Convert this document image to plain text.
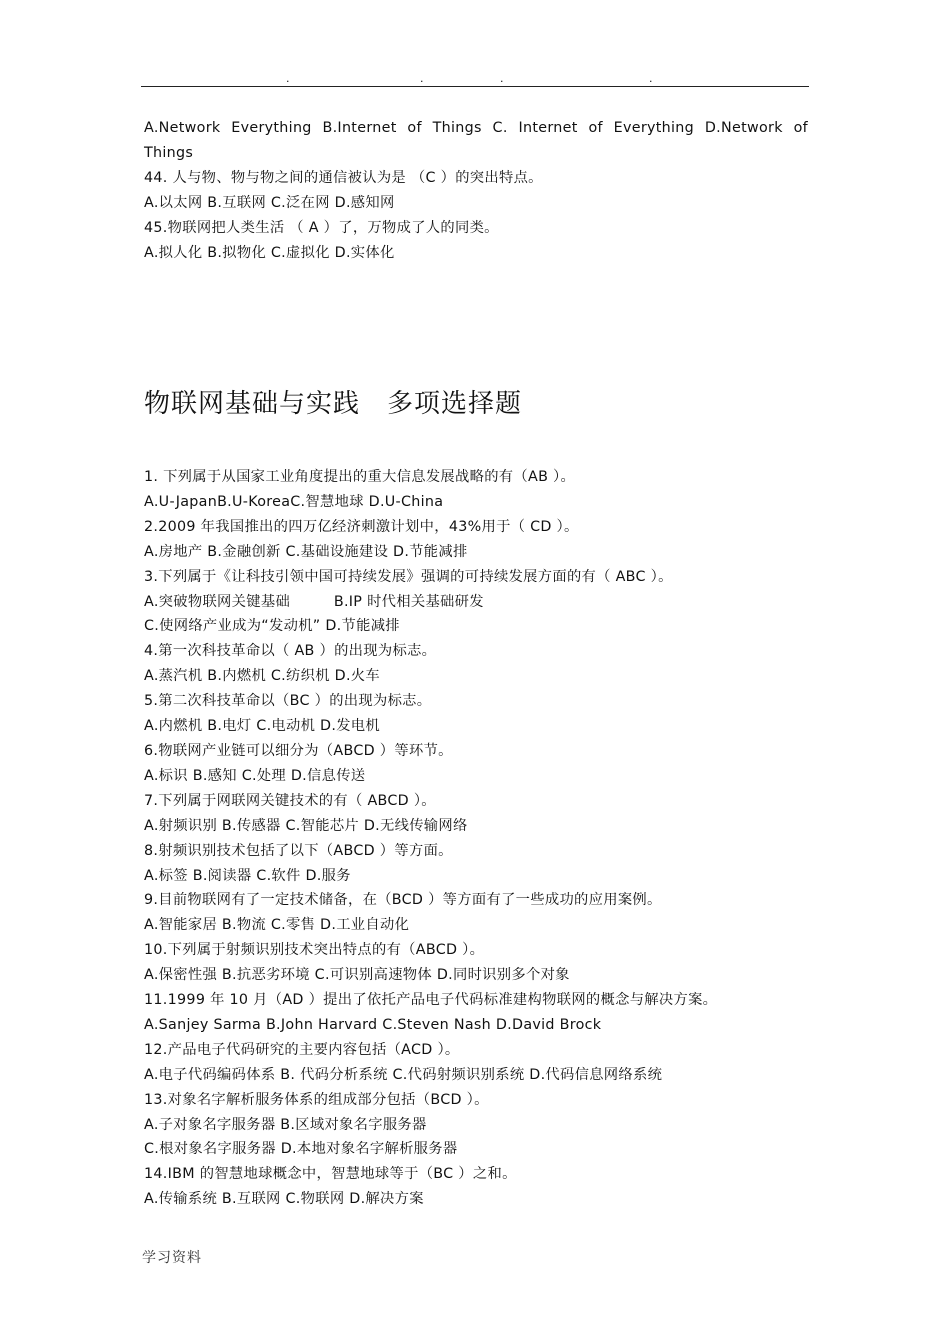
.	.	.	.
A.Network Everything B.Internet of Things C. Internet of Everything D.Network of Things
44. 人与物、物与物之间的通信被认为是 （C ）的突出特点。
A.以太网 B.互联网 C.泛在网 D.感知网
45.物联网把人类生活 （ A ）了，万物成了人的同类。
A.拟人化 B.拟物化 C.虚拟化 D.实体化
物联网基础与实践　多项选择题
1. 下列属于从国家工业角度提出的重大信息发展战略的有（AB ）。
A.U-JapanB.U-KoreaC.智慧地球 D.U-China
2.2009 年我国推出的四万亿经济刺激计划中，43%用于（ CD ）。
A.房地产 B.金融创新 C.基础设施建设 D.节能减排
3.下列属于《让科技引领中国可持续发展》强调的可持续发展方面的有（ ABC ）。
A.突破物联网关键基础　　　B.IP 时代相关基础研发
C.使网络产业成为“发动机” D.节能减排
4.第一次科技革命以（ AB ）的出现为标志。
A.蒸汽机 B.内燃机 C.纺织机 D.火车
5.第二次科技革命以（BC ）的出现为标志。
A.内燃机 B.电灯 C.电动机 D.发电机
6.物联网产业链可以细分为（ABCD ）等环节。
A.标识 B.感知 C.处理 D.信息传送
7.下列属于网联网关键技术的有（ ABCD ）。
A.射频识别 B.传感器 C.智能芯片 D.无线传输网络
8.射频识别技术包括了以下（ABCD ）等方面。
A.标签 B.阅读器 C.软件 D.服务
9.目前物联网有了一定技术储备，在（BCD ）等方面有了一些成功的应用案例。
A.智能家居 B.物流 C.零售 D.工业自动化
10.下列属于射频识别技术突出特点的有（ABCD ）。
A.保密性强 B.抗恶劣环境 C.可识别高速物体 D.同时识别多个对象
11.1999 年 10 月（AD ）提出了依托产品电子代码标准建构物联网的概念与解决方案。
A.Sanjey Sarma B.John Harvard C.Steven Nash D.David Brock
12.产品电子代码研究的主要内容包括（ACD ）。
A.电子代码编码体系 B. 代码分析系统 C.代码射频识别系统 D.代码信息网络系统
13.对象名字解析服务体系的组成部分包括（BCD ）。
A.子对象名字服务器 B.区域对象名字服务器
C.根对象名字服务器 D.本地对象名字解析服务器
14.IBM 的智慧地球概念中，智慧地球等于（BC ）之和。
A.传输系统 B.互联网 C.物联网 D.解决方案
学习资料
